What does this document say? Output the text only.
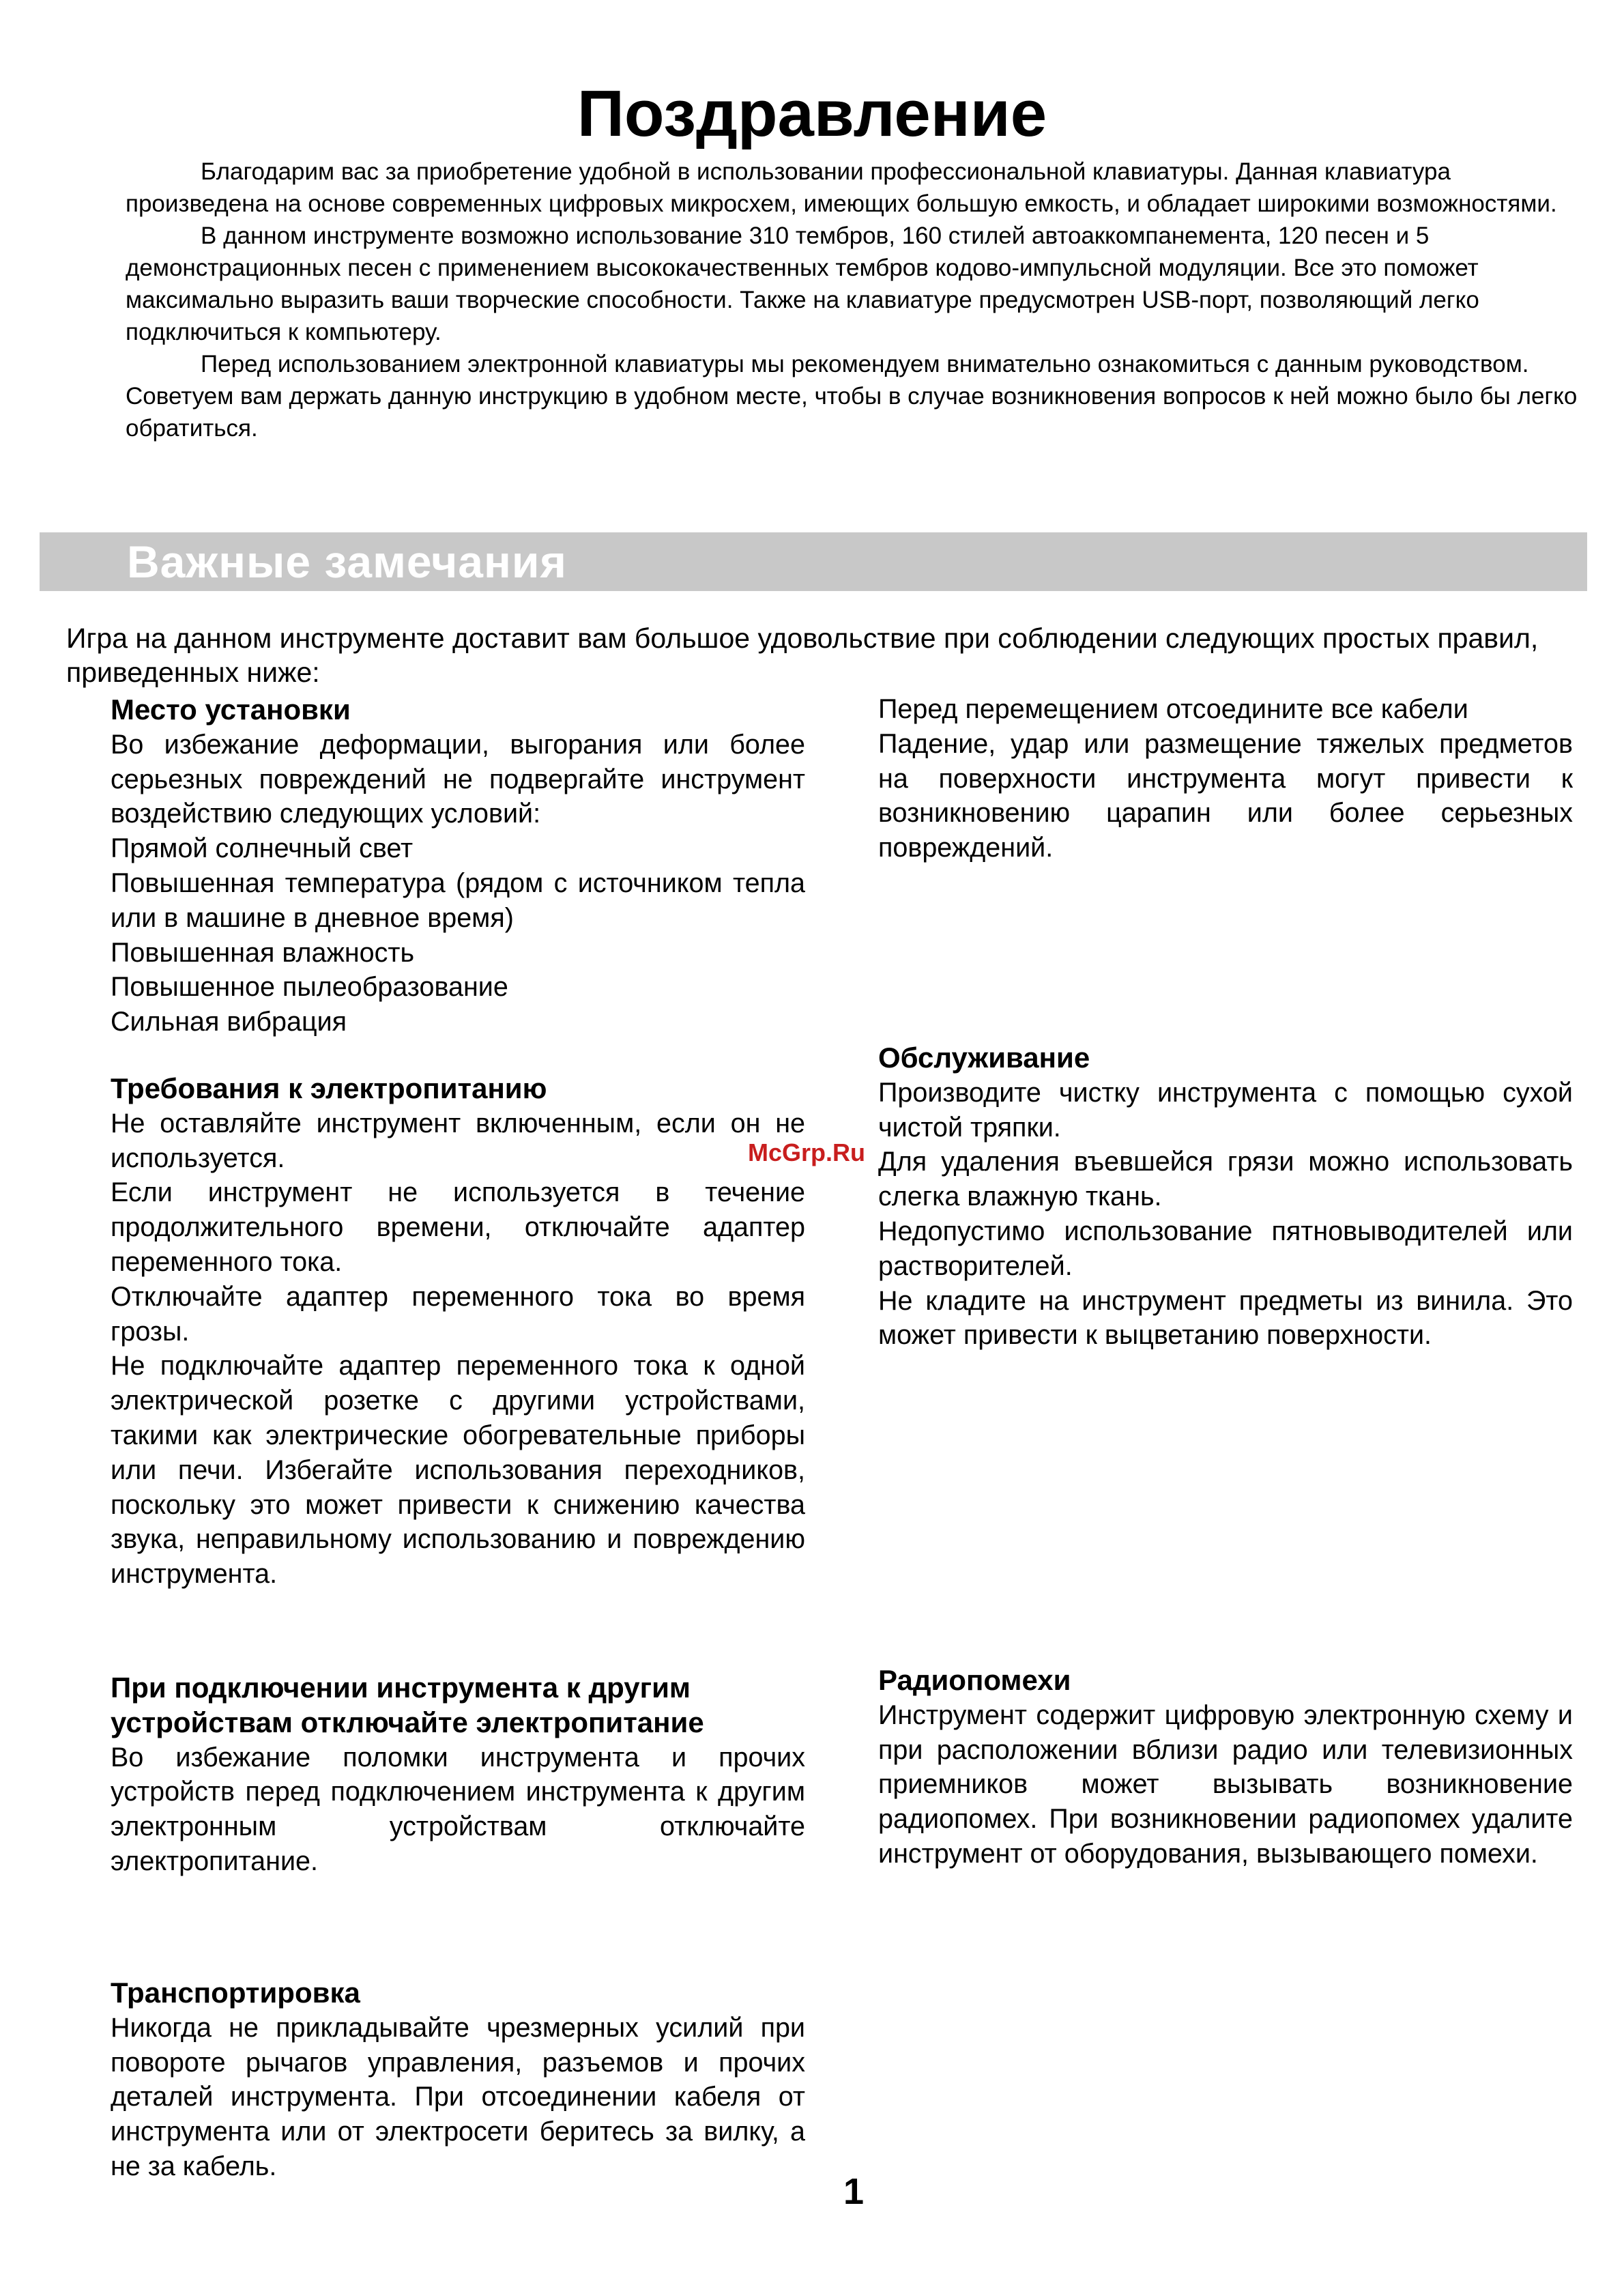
Поздравление

Благодарим вас за приобретение удобной в использовании профессиональной клавиатуры. Данная клавиатура произведена на основе современных цифровых микросхем, имеющих большую емкость, и обладает широкими возможностями.

В данном инструменте возможно использование 310 тембров, 160 стилей автоаккомпанемента, 120 песен и 5 демонстрационных песен с применением высококачественных тембров кодово-импульсной модуляции. Все это поможет максимально выразить ваши творческие способности. Также на клавиатуре предусмотрен USB-порт, позволяющий легко подключиться к компьютеру.

Перед использованием электронной клавиатуры мы рекомендуем внимательно ознакомиться с данным руководством. Советуем вам держать данную инструкцию в удобном месте, чтобы в случае возникновения вопросов к ней можно было бы легко обратиться.

Важные замечания
Игра на данном инструменте доставит вам большое удовольствие при соблюдении следующих простых правил, приведенных ниже:
Место установки

Во избежание деформации, выгорания или более серьезных повреждений не подвергайте инструмент воздействию следующих условий:

Прямой солнечный свет

Повышенная температура (рядом с источником тепла или в машине в дневное время)

Повышенная влажность

Повышенное пылеобразование

Сильная вибрация

Требования к электропитанию

Не оставляйте инструмент включенным, если он не используется.

Если инструмент не используется в течение продолжительного времени, отключайте адаптер переменного тока.

Отключайте адаптер переменного тока во время грозы.

Не подключайте адаптер переменного тока к одной электрической розетке с другими устройствами, такими как электрические обогревательные приборы или печи. Избегайте использования переходников, поскольку это может привести к снижению качества звука, неправильному использованию и повреждению инструмента.

При подключении инструмента к другим устройствам отключайте электропитание

Во избежание поломки инструмента и прочих устройств перед подключением инструмента к другим электронным устройствам отключайте электропитание.

Транспортировка

Никогда не прикладывайте чрезмерных усилий при повороте рычагов управления, разъемов и прочих деталей инструмента. При отсоединении кабеля от инструмента или от электросети беритесь за вилку, а не за кабель.

Перед перемещением отсоедините все кабели

Падение, удар или размещение тяжелых предметов на поверхности инструмента могут привести к возникновению царапин или более серьезных повреждений.

Обслуживание

Производите чистку инструмента с помощью сухой чистой тряпки.

Для удаления въевшейся грязи можно использовать слегка влажную ткань.

Недопустимо использование пятновыводителей или растворителей.

Не кладите на инструмент предметы из винила. Это может привести к выцветанию поверхности.

Радиопомехи

Инструмент содержит цифровую электронную схему и при расположении вблизи радио или телевизионных приемников может вызывать возникновение радиопомех. При возникновении радиопомех удалите инструмент от оборудования, вызывающего помехи.

McGrp.Ru
1
